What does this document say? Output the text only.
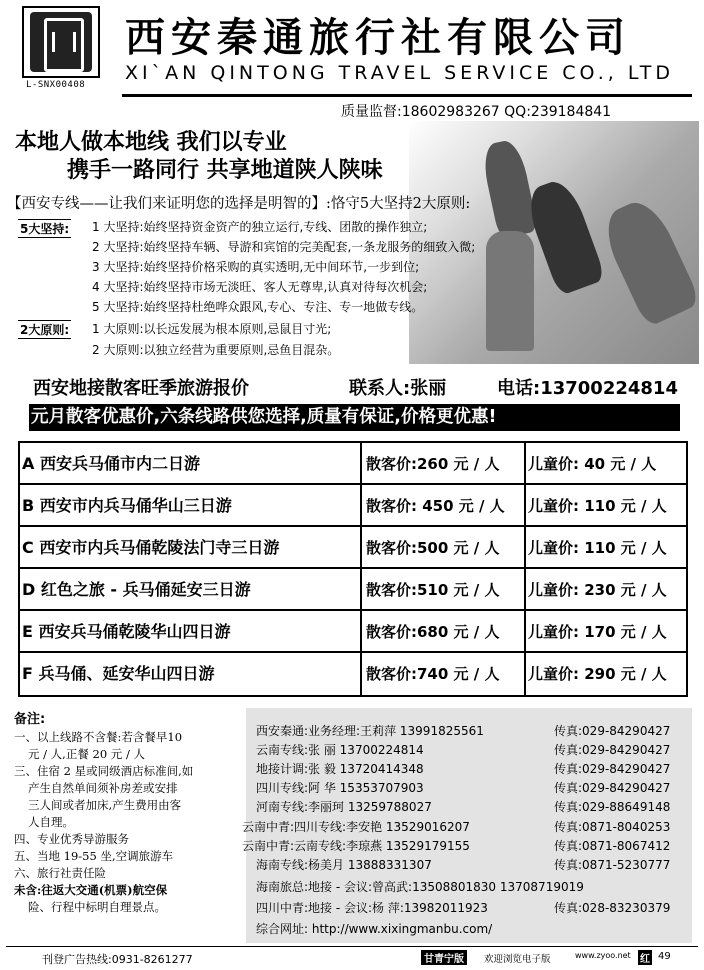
L-SNX00408
西安秦通旅行社有限公司
XI`AN QINTONG TRAVEL SERVICE CO., LTD
质量监督:18602983267 QQ:239184841
本地人做本地线 我们以专业
携手一路同行 共享地道陕人陕味
【西安专线——让我们来证明您的选择是明智的】:恪守5大坚持2大原则:
5大坚持: 1 大坚持:始终坚持资金资产的独立运行,专线、团散的操作独立;
2 大坚持:始终坚持车辆、导游和宾馆的完美配套,一条龙服务的细致入微;
3 大坚持:始终坚持价格采购的真实透明,无中间环节,一步到位;
4 大坚持:始终坚持市场无淡旺、客人无尊卑,认真对待每次机会;
5 大坚持:始终坚持杜绝哗众跟风,专心、专注、专一地做专线。
2大原则: 1 大原则:以长远发展为根本原则,忌鼠目寸光;
2 大原则:以独立经营为重要原则,忌鱼目混杂。
西安地接散客旺季旅游报价	联系人:张丽	电话:13700224814
元月散客优惠价,六条线路供您选择,质量有保证,价格更优惠!
A 西安兵马俑市内二日游	散客价:260 元 / 人	儿童价: 40 元 / 人
B 西安市内兵马俑华山三日游	散客价: 450 元 / 人	儿童价: 110 元 / 人
C 西安市内兵马俑乾陵法门寺三日游	散客价:500 元 / 人	儿童价: 110 元 / 人
D 红色之旅 - 兵马俑延安三日游	散客价:510 元 / 人	儿童价: 230 元 / 人
E 西安兵马俑乾陵华山四日游	散客价:680 元 / 人	儿童价: 170 元 / 人
F 兵马俑、延安华山四日游	散客价:740 元 / 人	儿童价: 290 元 / 人
备注:
一、以上线路不含餐:若含餐早10
元 / 人,正餐 20 元 / 人
三、住宿 2 星或同级酒店标准间,如
产生自然单间须补房差或安排
三人间或者加床,产生费用由客
人自理。
四、专业优秀导游服务
五、当地 19-55 坐,空调旅游车
六、旅行社责任险
未含:往返大交通(机票)航空保
险、行程中标明自理景点。
西安秦通:业务经理:王莉萍 13991825561	传真:029-84290427
云南专线:张 丽 13700224814	传真:029-84290427
地接计调:张 毅 13720414348	传真:029-84290427
四川专线:阿 华 15353707903	传真:029-84290427
河南专线:李丽珂 13259788027	传真:029-88649148
云南中青:四川专线:李安艳 13529016207	传真:0871-8040253
云南中青:云南专线:李琼燕 13529179155	传真:0871-8067412
海南专线:杨美月 13888331307	传真:0871-5230777
海南旅总:地接 - 会议:曾高武:13508801830 13708719019
四川中青:地接 - 会议:杨 萍:13982011923	传真:028-83230379
综合网址: http://www.xixingmanbu.com/
刊登广告热线:0931-8261277	甘青宁版	欢迎浏览电子版	www.zyoo.net 红 49
